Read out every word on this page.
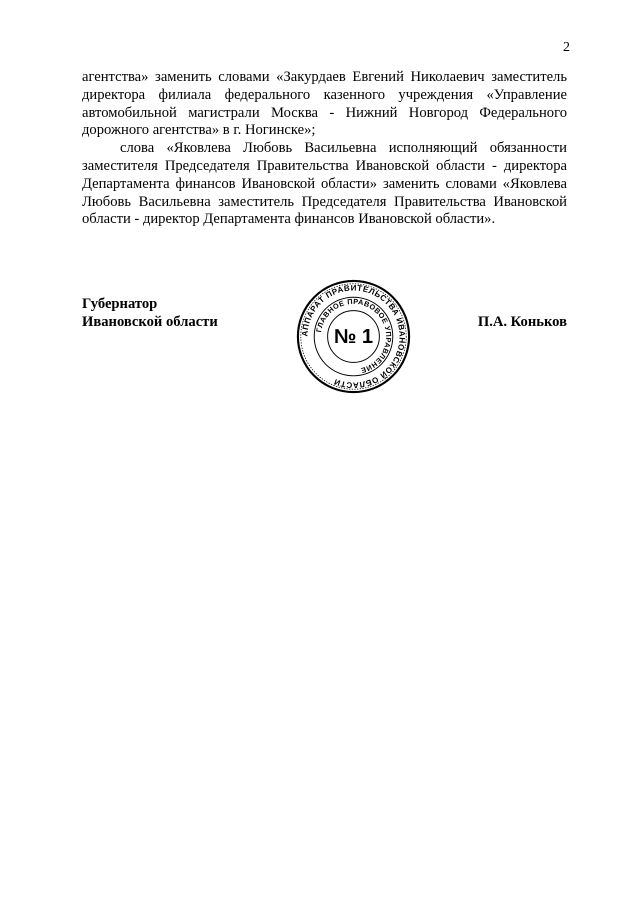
2

агентства» заменить словами «Закурдаев Евгений Николаевич заместитель директора филиала федерального казенного учреждения «Управление автомобильной магистрали Москва - Нижний Новгород Федерального дорожного агентства» в г. Ногинске»;

слова «Яковлева Любовь Васильевна исполняющий обязанности заместителя Председателя Правительства Ивановской области - директора Департамента финансов Ивановской области» заменить словами «Яковлева Любовь Васильевна заместитель Председателя Правительства Ивановской области - директор Департамента финансов Ивановской области».

Губернатор
Ивановской области	П.А. Коньков
АППАРАТ ПРАВИТЕЛЬСТВА ИВАНОВСКОЙ ОБЛАСТИ
ГЛАВНОЕ ПРАВОВОЕ УПРАВЛЕНИЕ
№ 1
